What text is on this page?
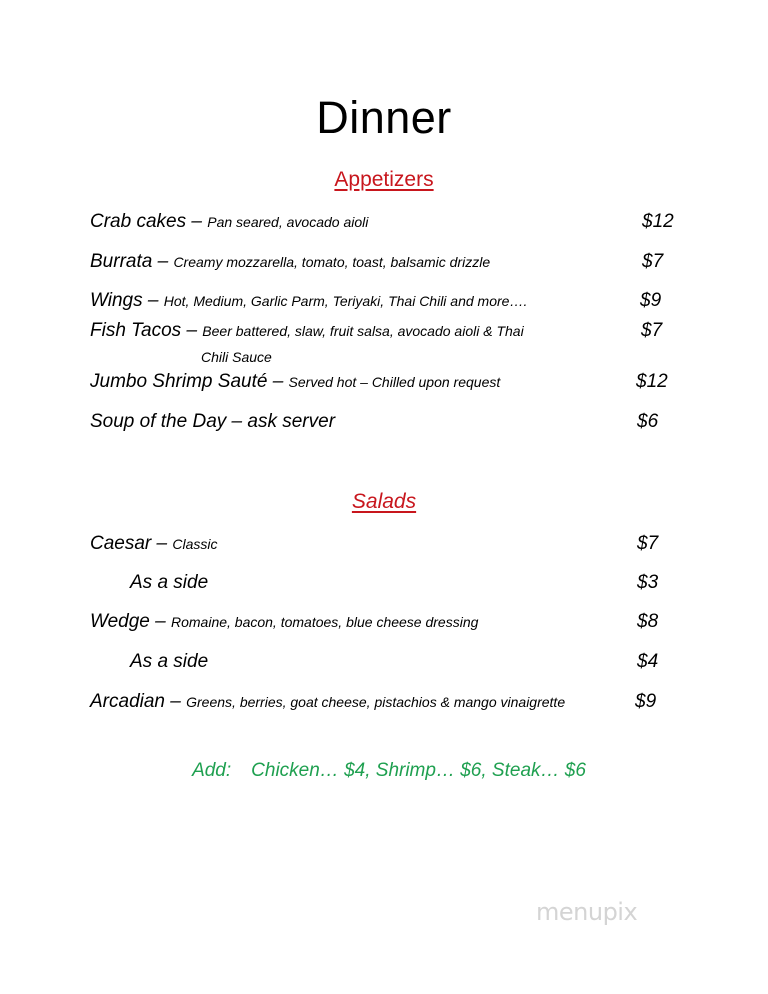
Dinner
Appetizers
Crab cakes – Pan seared, avocado aioli	$12
Burrata – Creamy mozzarella, tomato, toast, balsamic drizzle	$7
Wings – Hot, Medium, Garlic Parm, Teriyaki, Thai Chili and more….	$9
Fish Tacos – Beer battered, slaw, fruit salsa, avocado aioli & Thai	$7
Chili Sauce
Jumbo Shrimp Sauté – Served hot – Chilled upon request	$12
Soup of the Day – ask server	$6
Salads
Caesar – Classic	$7
As a side	$3
Wedge – Romaine, bacon, tomatoes, blue cheese dressing	$8
As a side	$4
Arcadian – Greens, berries, goat cheese, pistachios & mango vinaigrette	$9
Add: Chicken… $4, Shrimp… $6, Steak… $6
menupix
